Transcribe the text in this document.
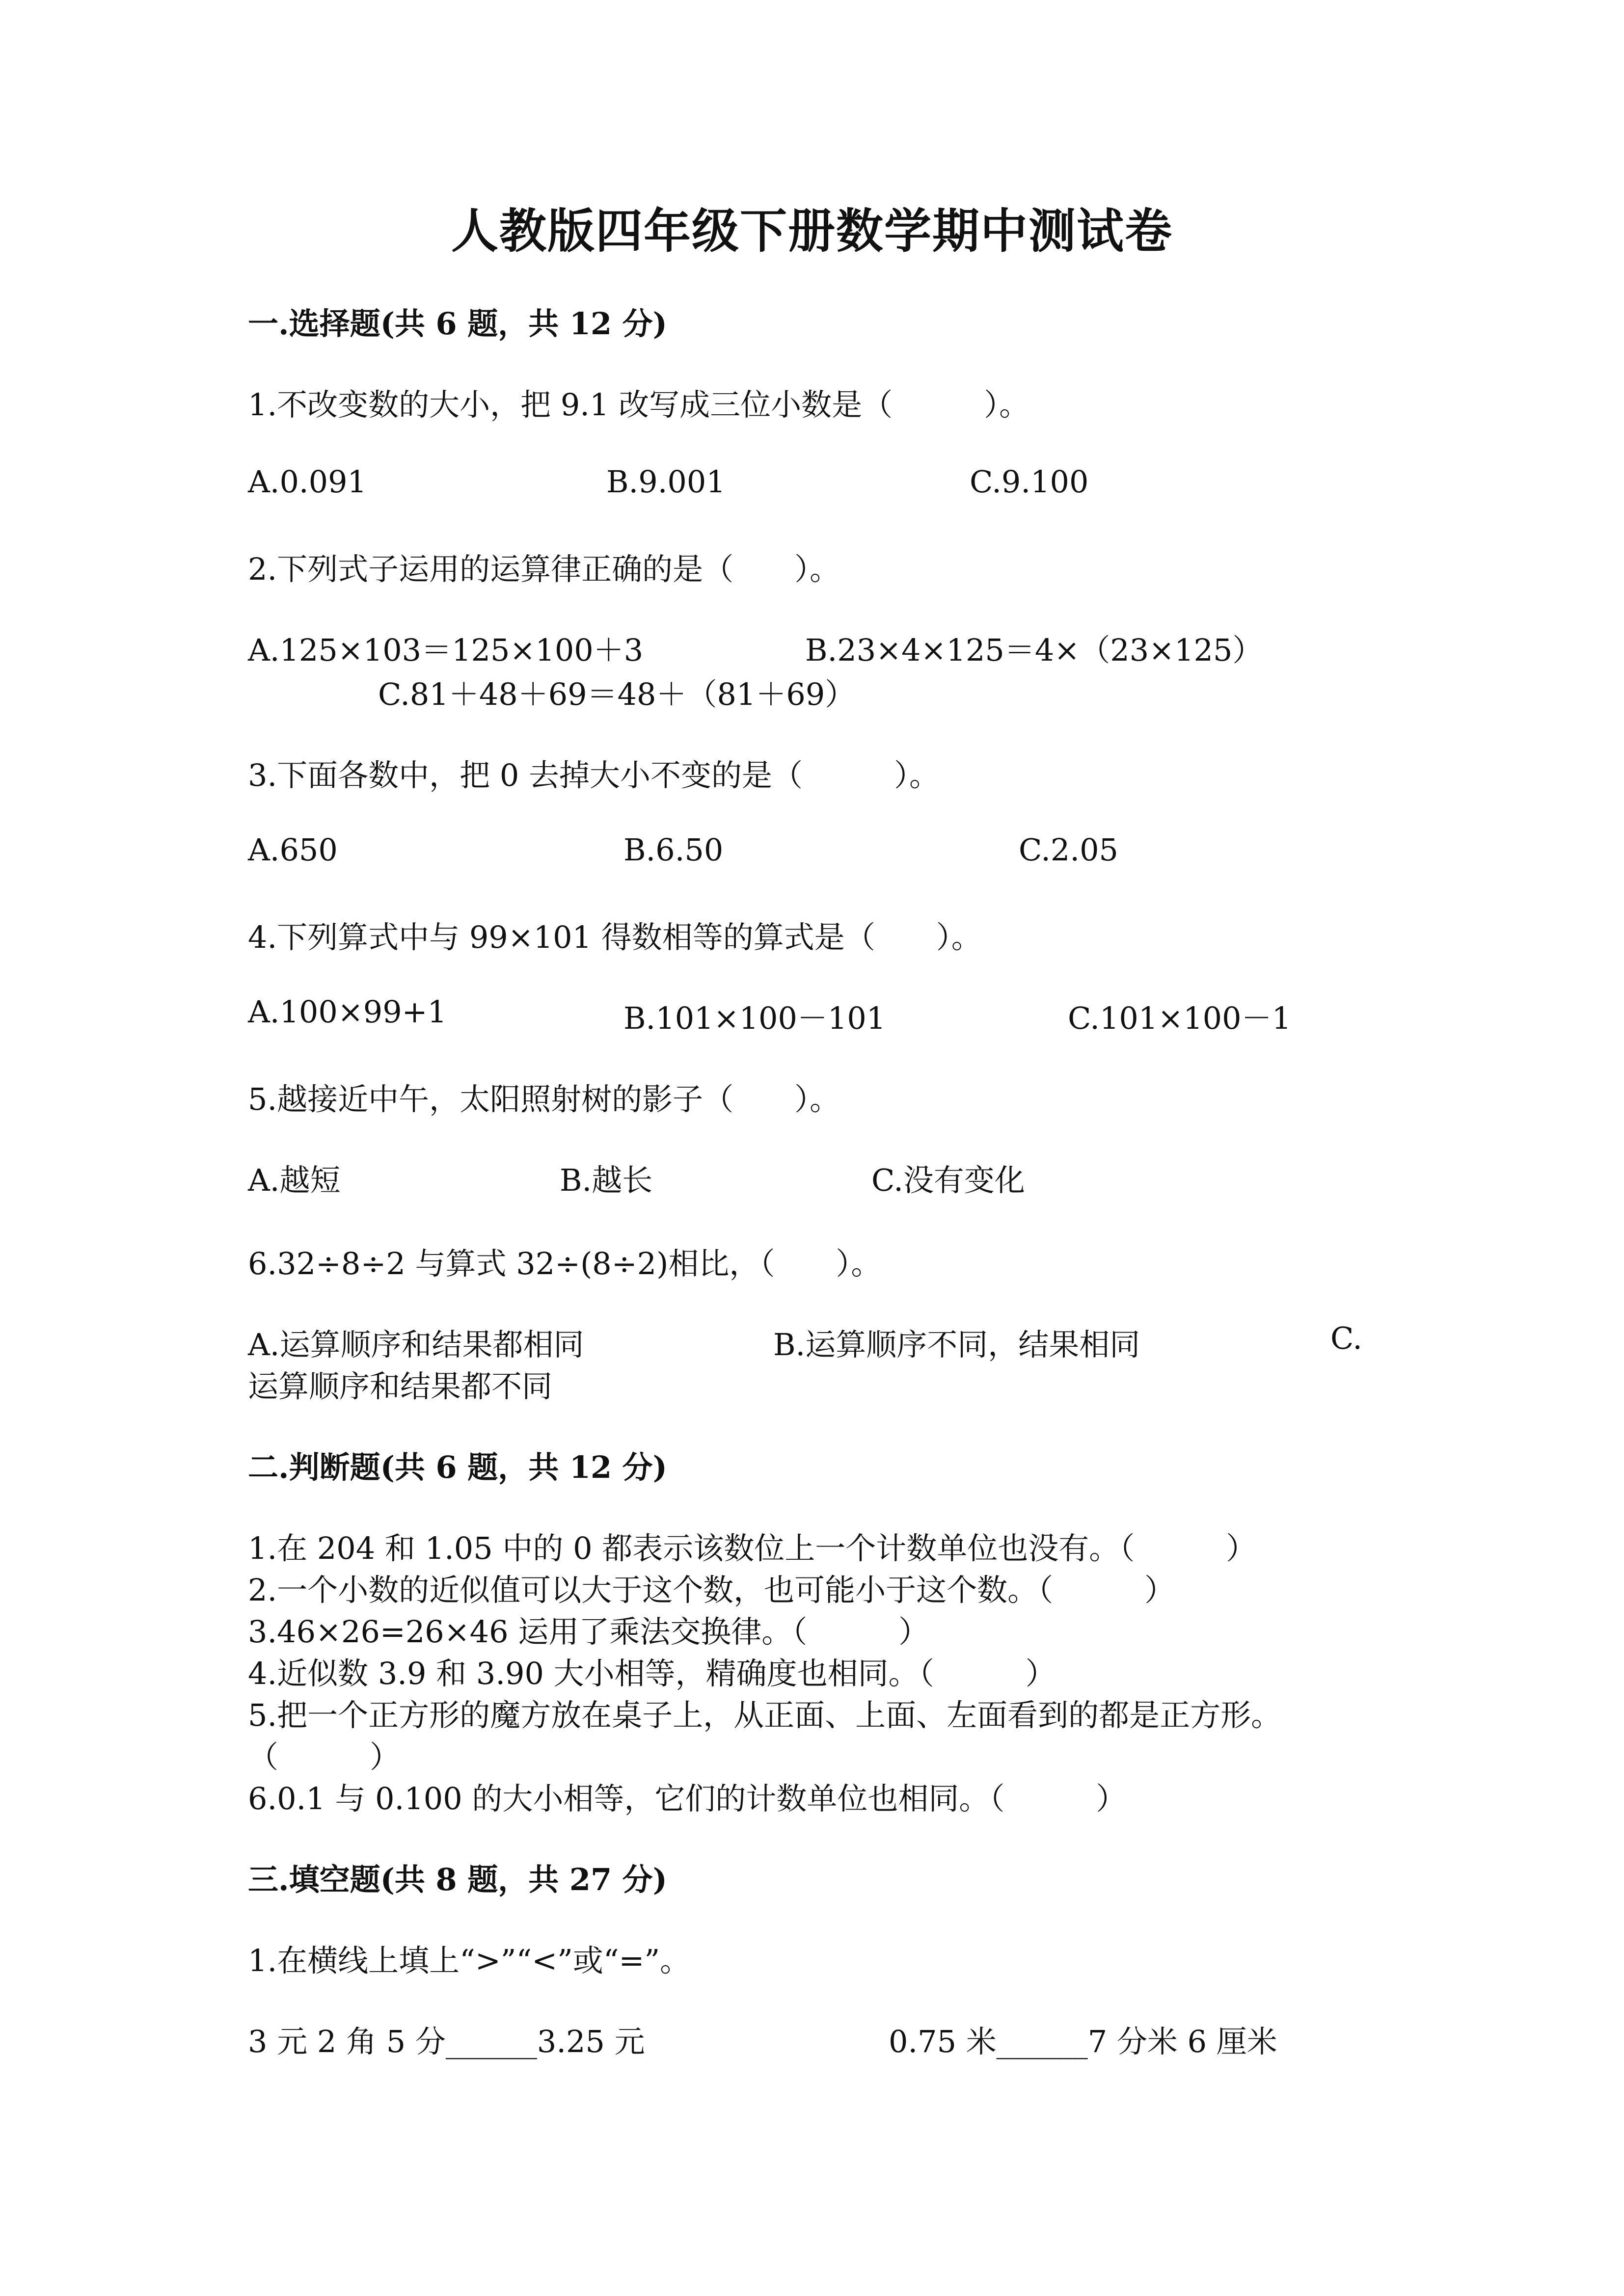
人教版四年级下册数学期中测试卷
一.选择题(共 6 题，共 12 分)
1.不改变数的大小，把 9.1 改写成三位小数是（　　　）。
A.0.091	B.9.001	C.9.100
2.下列式子运用的运算律正确的是（　　）。
A.125×103＝125×100＋3	B.23×4×125＝4×（23×125）
C.81＋48＋69＝48＋（81＋69）
3.下面各数中，把 0 去掉大小不变的是（　　　）。
A.650	B.6.50	C.2.05
4.下列算式中与 99×101 得数相等的算式是（　　）。
A.100×99+1	B.101×100－101	C.101×100－1
5.越接近中午，太阳照射树的影子（　　）。
A.越短	B.越长	C.没有变化
6.32÷8÷2 与算式 32÷(8÷2)相比，（　　）。
A.运算顺序和结果都相同	B.运算顺序不同，结果相同	C.
运算顺序和结果都不同
二.判断题(共 6 题，共 12 分)
1.在 204 和 1.05 中的 0 都表示该数位上一个计数单位也没有。（　　　）
2.一个小数的近似值可以大于这个数，也可能小于这个数。（　　　）
3.46×26=26×46 运用了乘法交换律。（　　　）
4.近似数 3.9 和 3.90 大小相等，精确度也相同。（　　　）
5.把一个正方形的魔方放在桌子上，从正面、上面、左面看到的都是正方形。
（　　　）
6.0.1 与 0.100 的大小相等，它们的计数单位也相同。（　　　）
三.填空题(共 8 题，共 27 分)
1.在横线上填上“>”“<”或“=”。
3 元 2 角 5 分______3.25 元	0.75 米______7 分米 6 厘米
